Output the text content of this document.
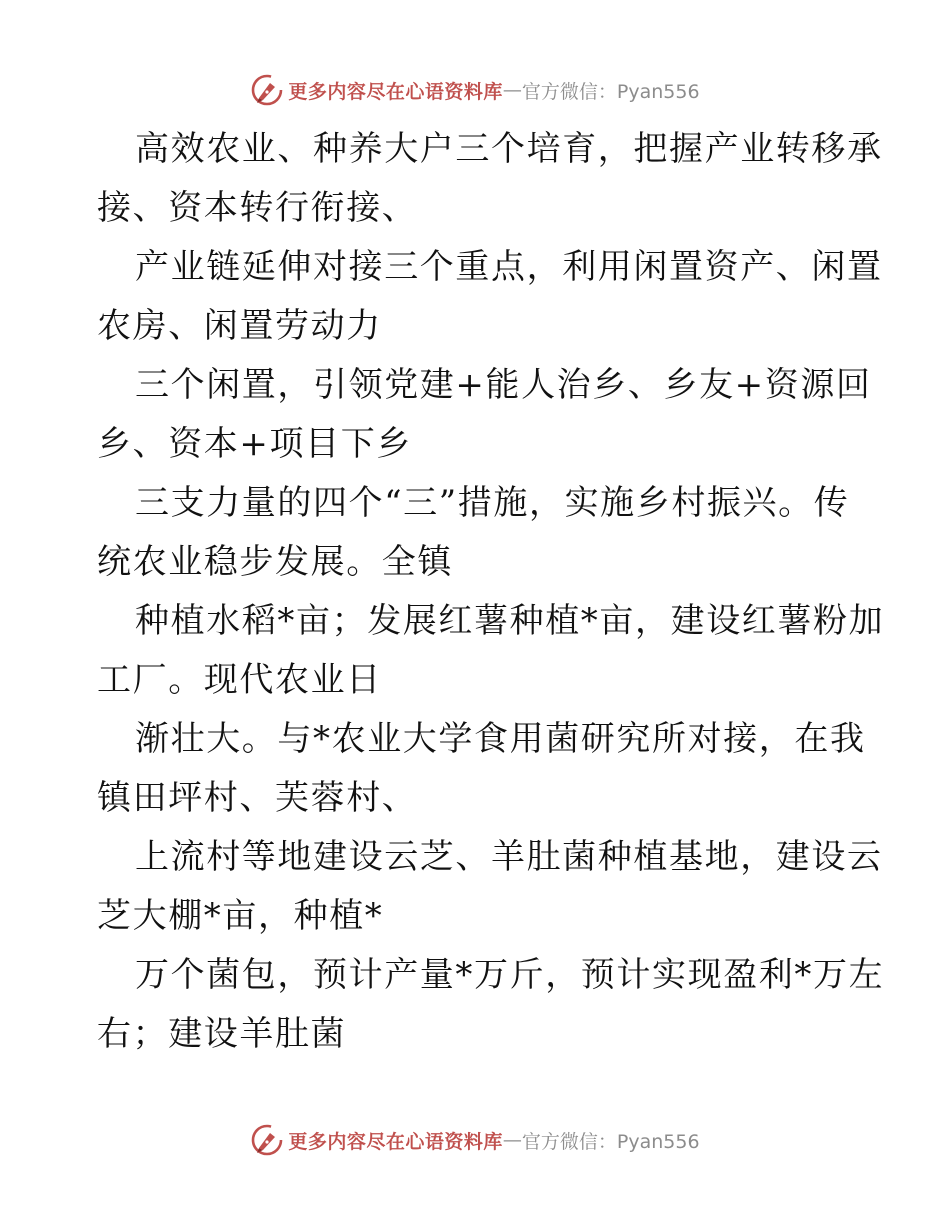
更多内容尽在心语资料库 — 官方微信：Pyan556
高效农业、种养大户三个培育，把握产业转移承
接、资本转行衔接、
产业链延伸对接三个重点，利用闲置资产、闲置
农房、闲置劳动力
三个闲置，引领党建+能人治乡、乡友+资源回
乡、资本+项目下乡
三支力量的四个“三”措施，实施乡村振兴。传
统农业稳步发展。全镇
种植水稻*亩；发展红薯种植*亩，建设红薯粉加
工厂。现代农业日
渐壮大。与*农业大学食用菌研究所对接，在我
镇田坪村、芙蓉村、
上流村等地建设云芝、羊肚菌种植基地，建设云
芝大棚*亩，种植*
万个菌包，预计产量*万斤，预计实现盈利*万左
右；建设羊肚菌
更多内容尽在心语资料库 — 官方微信：Pyan556
